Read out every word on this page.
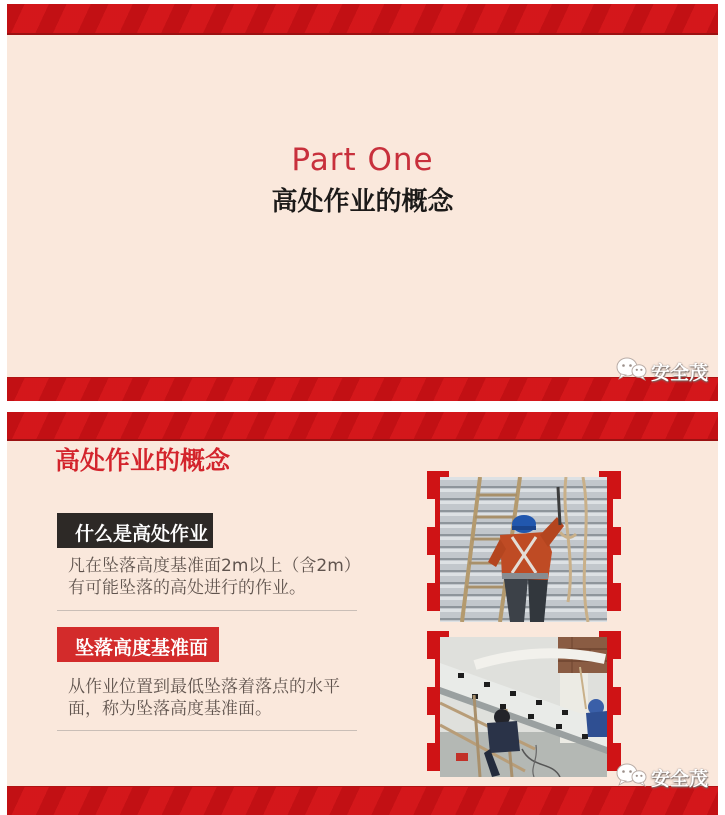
Part One
高处作业的概念
安全茂
高处作业的概念
什么是高处作业
凡在坠落高度基准面2m以上（含2m）
有可能坠落的高处进行的作业。
坠落高度基准面
从作业位置到最低坠落着落点的水平
面，称为坠落高度基准面。
安全茂
